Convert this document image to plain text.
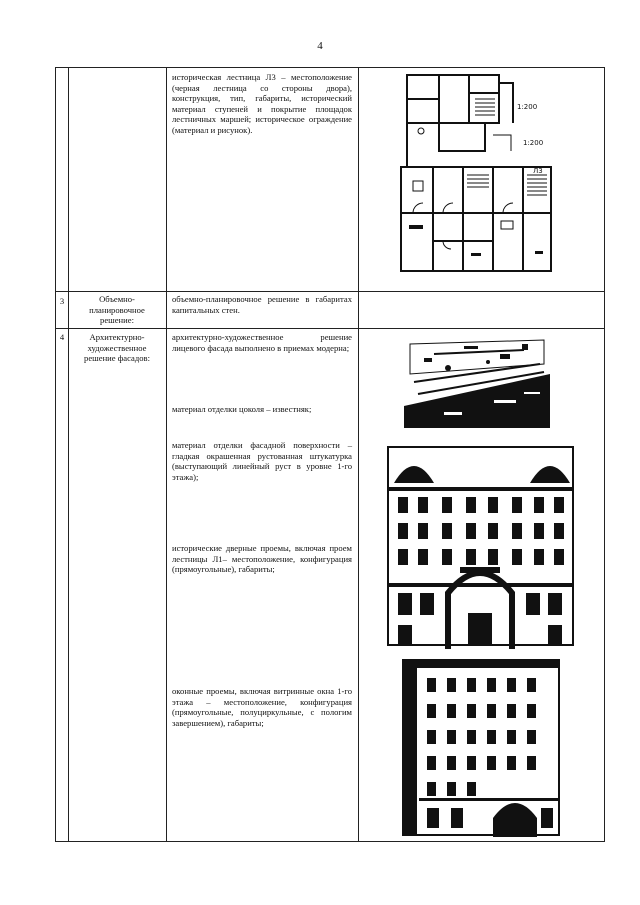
4
историческая лестница Л3 – местоположение (черная лестница со стороны двора), конструкция, тип, габариты, исторический материал ступеней и покрытие площадок лестничных маршей; историческое ограждение (материал и рисунок).
1:200
1:200
Л3
3	Объемно-планировочное решение:
объемно-планировочное решение в габаритах капитальных стен.
4	Архитектурно-художественное решение фасадов:
архитектурно-художественное решение лицевого фасада выполнено в приемах модерна;
материал отделки цоколя – известняк;
материал отделки фасадной поверхности – гладкая окрашенная рустованная штукатурка (выступающий линейный руст в уровне 1-го этажа);
исторические дверные проемы, включая проем лестницы Л1– местоположение, конфигурация (прямоугольные), габариты;
оконные проемы, включая витринные окна 1-го этажа – местоположение, конфигурация (прямоугольные, полуциркульные, с пологим завершением), габариты;
